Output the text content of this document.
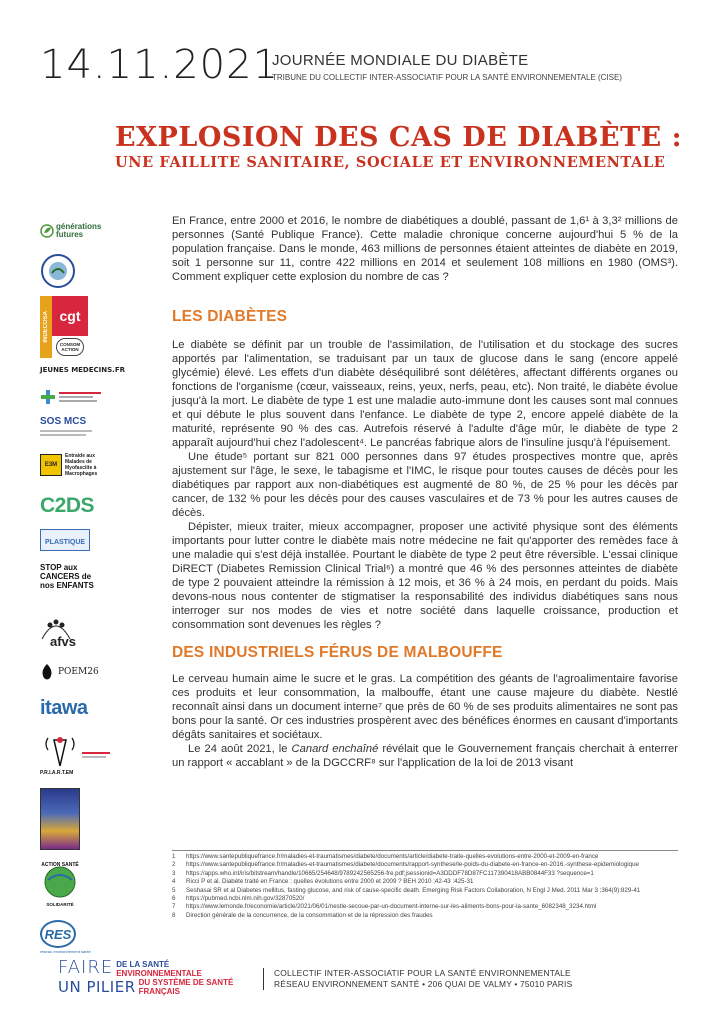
14.11.2021
JOURNÉE MONDIALE DU DIABÈTE
TRIBUNE DU COLLECTIF INTER-ASSOCIATIF POUR LA SANTÉ ENVIRONNEMENTALE (CISE)
EXPLOSION DES CAS DE DIABÈTE :
UNE FAILLITE SANITAIRE, SOCIALE ET ENVIRONNEMENTALE
générations futures
INDECOSA cgt
CONSOM ACTION
JEUNES MEDECINS.FR
SOS MCS
E3M
Entraide aux Malades de Myofasciite à Macrophages
C2DS
PLASTIQUE
STOP aux CANCERS de nos ENFANTS
afvs
POEM26
itawa
P.R.I.A.R.T.EM
ACTION SANTÉ
SOLIDARITÉ
RES
réseau environnement santé

En France, entre 2000 et 2016, le nombre de diabétiques a doublé, passant de 1,6¹ à 3,3² millions de personnes (Santé Publique France). Cette maladie chronique concerne aujourd'hui 5 % de la population française. Dans le monde, 463 millions de personnes étaient atteintes de diabète en 2019, soit 1 personne sur 11, contre 422 millions en 2014 et seulement 108 millions en 1980 (OMS³). Comment expliquer cette explosion du nombre de cas ?

LES DIABÈTES

Le diabète se définit par un trouble de l'assimilation, de l'utilisation et du stockage des sucres apportés par l'alimentation, se traduisant par un taux de glucose dans le sang (encore appelé glycémie) élevé. Les effets d'un diabète déséquilibré sont délétères, affectant différents organes ou fonctions de l'organisme (cœur, vaisseaux, reins, yeux, nerfs, peau, etc). Non traité, le diabète évolue jusqu'à la mort. Le diabète de type 1 est une maladie auto-immune dont les causes sont mal connues et qui débute le plus souvent dans l'enfance. Le diabète de type 2, encore appelé diabète de la maturité, représente 90 % des cas. Autrefois réservé à l'adulte d'âge mûr, le diabète de type 2 apparaît aujourd'hui chez l'adolescent⁴. Le pancréas fabrique alors de l'insuline jusqu'à l'épuisement.

Une étude⁵ portant sur 821 000 personnes dans 97 études prospectives montre que, après ajustement sur l'âge, le sexe, le tabagisme et l'IMC, le risque pour toutes causes de décès pour les diabétiques par rapport aux non-diabétiques est augmenté de 80 %, de 25 % pour les décès par cancer, de 132 % pour les décès pour des causes vasculaires et de 73 % pour les autres causes de décès.

Dépister, mieux traiter, mieux accompagner, proposer une activité physique sont des éléments importants pour lutter contre le diabète mais notre médecine ne fait qu'apporter des remèdes face à une maladie qui s'est déjà installée. Pourtant le diabète de type 2 peut être réversible. L'essai clinique DiRECT (Diabetes Remission Clinical Trial⁶) a montré que 46 % des personnes atteintes de diabète de type 2 pouvaient atteindre la rémission à 12 mois, et 36 % à 24 mois, en perdant du poids. Mais devons-nous nous contenter de stigmatiser la responsabilité des individus diabétiques sans nous interroger sur nos modes de vies et notre société dans laquelle croissance, production et consommation sont devenues les règles ?

DES INDUSTRIELS FÉRUS DE MALBOUFFE

Le cerveau humain aime le sucre et le gras. La compétition des géants de l'agroalimentaire favorise ces produits et leur consommation, la malbouffe, étant une cause majeure du diabète. Nestlé reconnaît ainsi dans un document interne⁷ que près de 60 % de ses produits alimentaires ne sont pas bons pour la santé. Or ces industries prospèrent avec des bénéfices énormes en causant d'importants dégâts sanitaires et sociétaux.

Le 24 août 2021, le Canard enchaîné révélait que le Gouvernement français cherchait à enterrer un rapport « accablant » de la DGCCRF⁸ sur l'application de la loi de 2013 visant

1	https://www.santepubliquefrance.fr/maladies-et-traumatismes/diabete/documents/article/diabete-traite-quelles-evolutions-entre-2000-et-2009-en-france
2	https://www.santepubliquefrance.fr/maladies-et-traumatismes/diabete/documents/rapport-synthese/le-poids-du-diabete-en-france-en-2016.-synthese-epidemiologique
3	https://apps.who.int/iris/bitstream/handle/10665/254648/9789242565256-fre.pdf;jsessionid=A3DDDF78D87FC117390418ABB0844F33 ?sequence=1
4	Ricci P et al. Diabète traité en France : quelles évolutions entre 2000 et 2009 ? BEH 2010 ;42-43 :425-31
5	Seshasai SR et al Diabetes mellitus, fasting glucose, and risk of cause-specific death. Emerging Risk Factors Collaboration, N Engl J Med. 2011 Mar 3 ;364(9):829-41
6	https://pubmed.ncbi.nlm.nih.gov/32870520/
7	https://www.lemonde.fr/economie/article/2021/06/01/nestle-secoue-par-un-document-interne-sur-les-aliments-bons-pour-la-sante_6082348_3234.html
8	Direction générale de la concurrence, de la consommation et de la répression des fraudes
FAIRE DE LA SANTÉ
ENVIRONNEMENTALE
UN PILIER DU SYSTÈME DE SANTÉ
FRANÇAIS
COLLECTIF INTER-ASSOCIATIF POUR LA SANTÉ ENVIRONNEMENTALE
RÉSEAU ENVIRONNEMENT SANTÉ • 206 QUAI DE VALMY • 75010 PARIS
